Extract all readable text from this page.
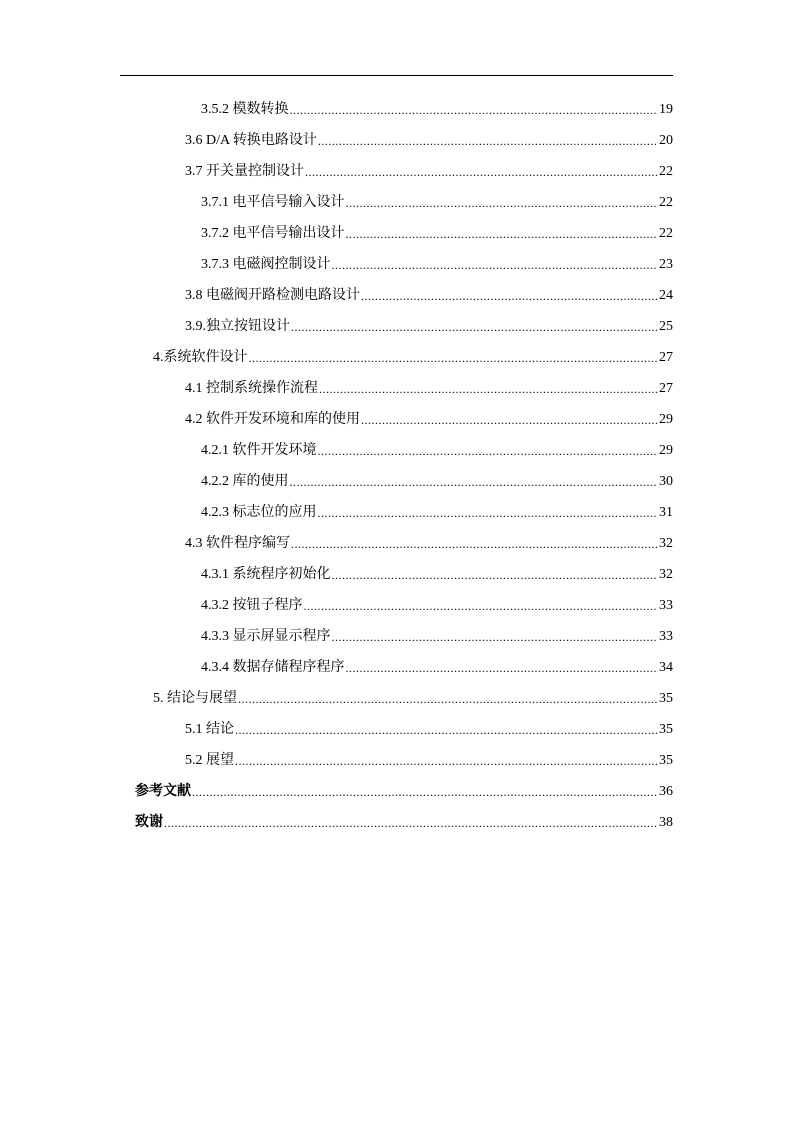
3.5.2 模数转换 .....	19
3.6 D/A 转换电路设计 .....	20
3.7 开关量控制设计 .....	22
3.7.1 电平信号输入设计 .....	22
3.7.2 电平信号输出设计 .....	22
3.7.3 电磁阀控制设计 .....	23
3.8 电磁阀开路检测电路设计 .....	24
3.9.独立按钮设计 .....	25
4.系统软件设计 .....	27
4.1 控制系统操作流程 .....	27
4.2 软件开发环境和库的使用 .....	29
4.2.1 软件开发环境 .....	29
4.2.2 库的使用 .....	30
4.2.3 标志位的应用 .....	31
4.3 软件程序编写 .....	32
4.3.1 系统程序初始化 .....	32
4.3.2 按钮子程序 .....	33
4.3.3 显示屏显示程序 .....	33
4.3.4 数据存储程序程序 .....	34
5. 结论与展望 .....	35
5.1 结论 .....	35
5.2 展望 .....	35
参考文献 .....	36
致谢 .....	38
